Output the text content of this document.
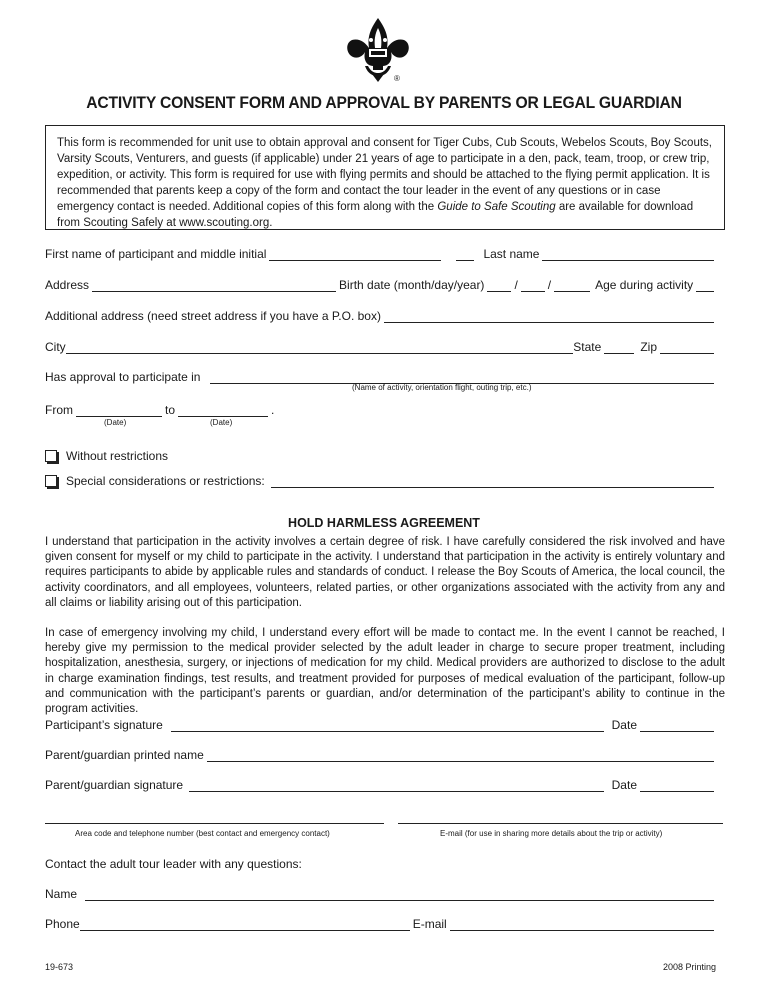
®
ACTIVITY CONSENT FORM AND APPROVAL BY PARENTS OR LEGAL GUARDIAN
This form is recommended for unit use to obtain approval and consent for Tiger Cubs, Cub Scouts, Webelos Scouts, Boy Scouts, Varsity Scouts, Venturers, and guests (if applicable) under 21 years of age to participate in a den, pack, team, troop, or crew trip, expedition, or activity. This form is required for use with flying permits and should be attached to the flying permit application. It is recommended that parents keep a copy of the form and contact the tour leader in the event of any questions or in case emergency contact is needed. Additional copies of this form along with the Guide to Safe Scouting are available for download from Scouting Safely at www.scouting.org.
First name of participant and middle initial	Last name
Address	Birth date (month/day/year)	/	/	Age during activity
Additional address (need street address if you have a P.O. box)
City	State	Zip
Has approval to participate in
(Name of activity, orientation flight, outing trip, etc.)
From	to	.
(Date)	(Date)
Without restrictions
Special considerations or restrictions:
HOLD HARMLESS AGREEMENT
I understand that participation in the activity involves a certain degree of risk. I have carefully considered the risk involved and have given consent for myself or my child to participate in the activity. I understand that participation in the activity is entirely voluntary and requires participants to abide by applicable rules and standards of conduct. I release the Boy Scouts of America, the local council, the activity coordinators, and all employees, volunteers, related parties, or other organizations associated with the activity from any and all claims or liability arising out of this participation.
In case of emergency involving my child, I understand every effort will be made to contact me. In the event I cannot be reached, I hereby give my permission to the medical provider selected by the adult leader in charge to secure proper treatment, including hospitalization, anesthesia, surgery, or injections of medication for my child. Medical providers are authorized to disclose to the adult in charge examination findings, test results, and treatment provided for purposes of medical evaluation of the participant, follow-up and communication with the participant’s parents or guardian, and/or determination of the participant’s ability to continue in the program activities.
Participant’s signature	Date
Parent/guardian printed name
Parent/guardian signature	Date
Area code and telephone number (best contact and emergency contact)	E-mail (for use in sharing more details about the trip or activity)
Contact the adult tour leader with any questions:
Name
Phone	E-mail
19-673	2008 Printing
